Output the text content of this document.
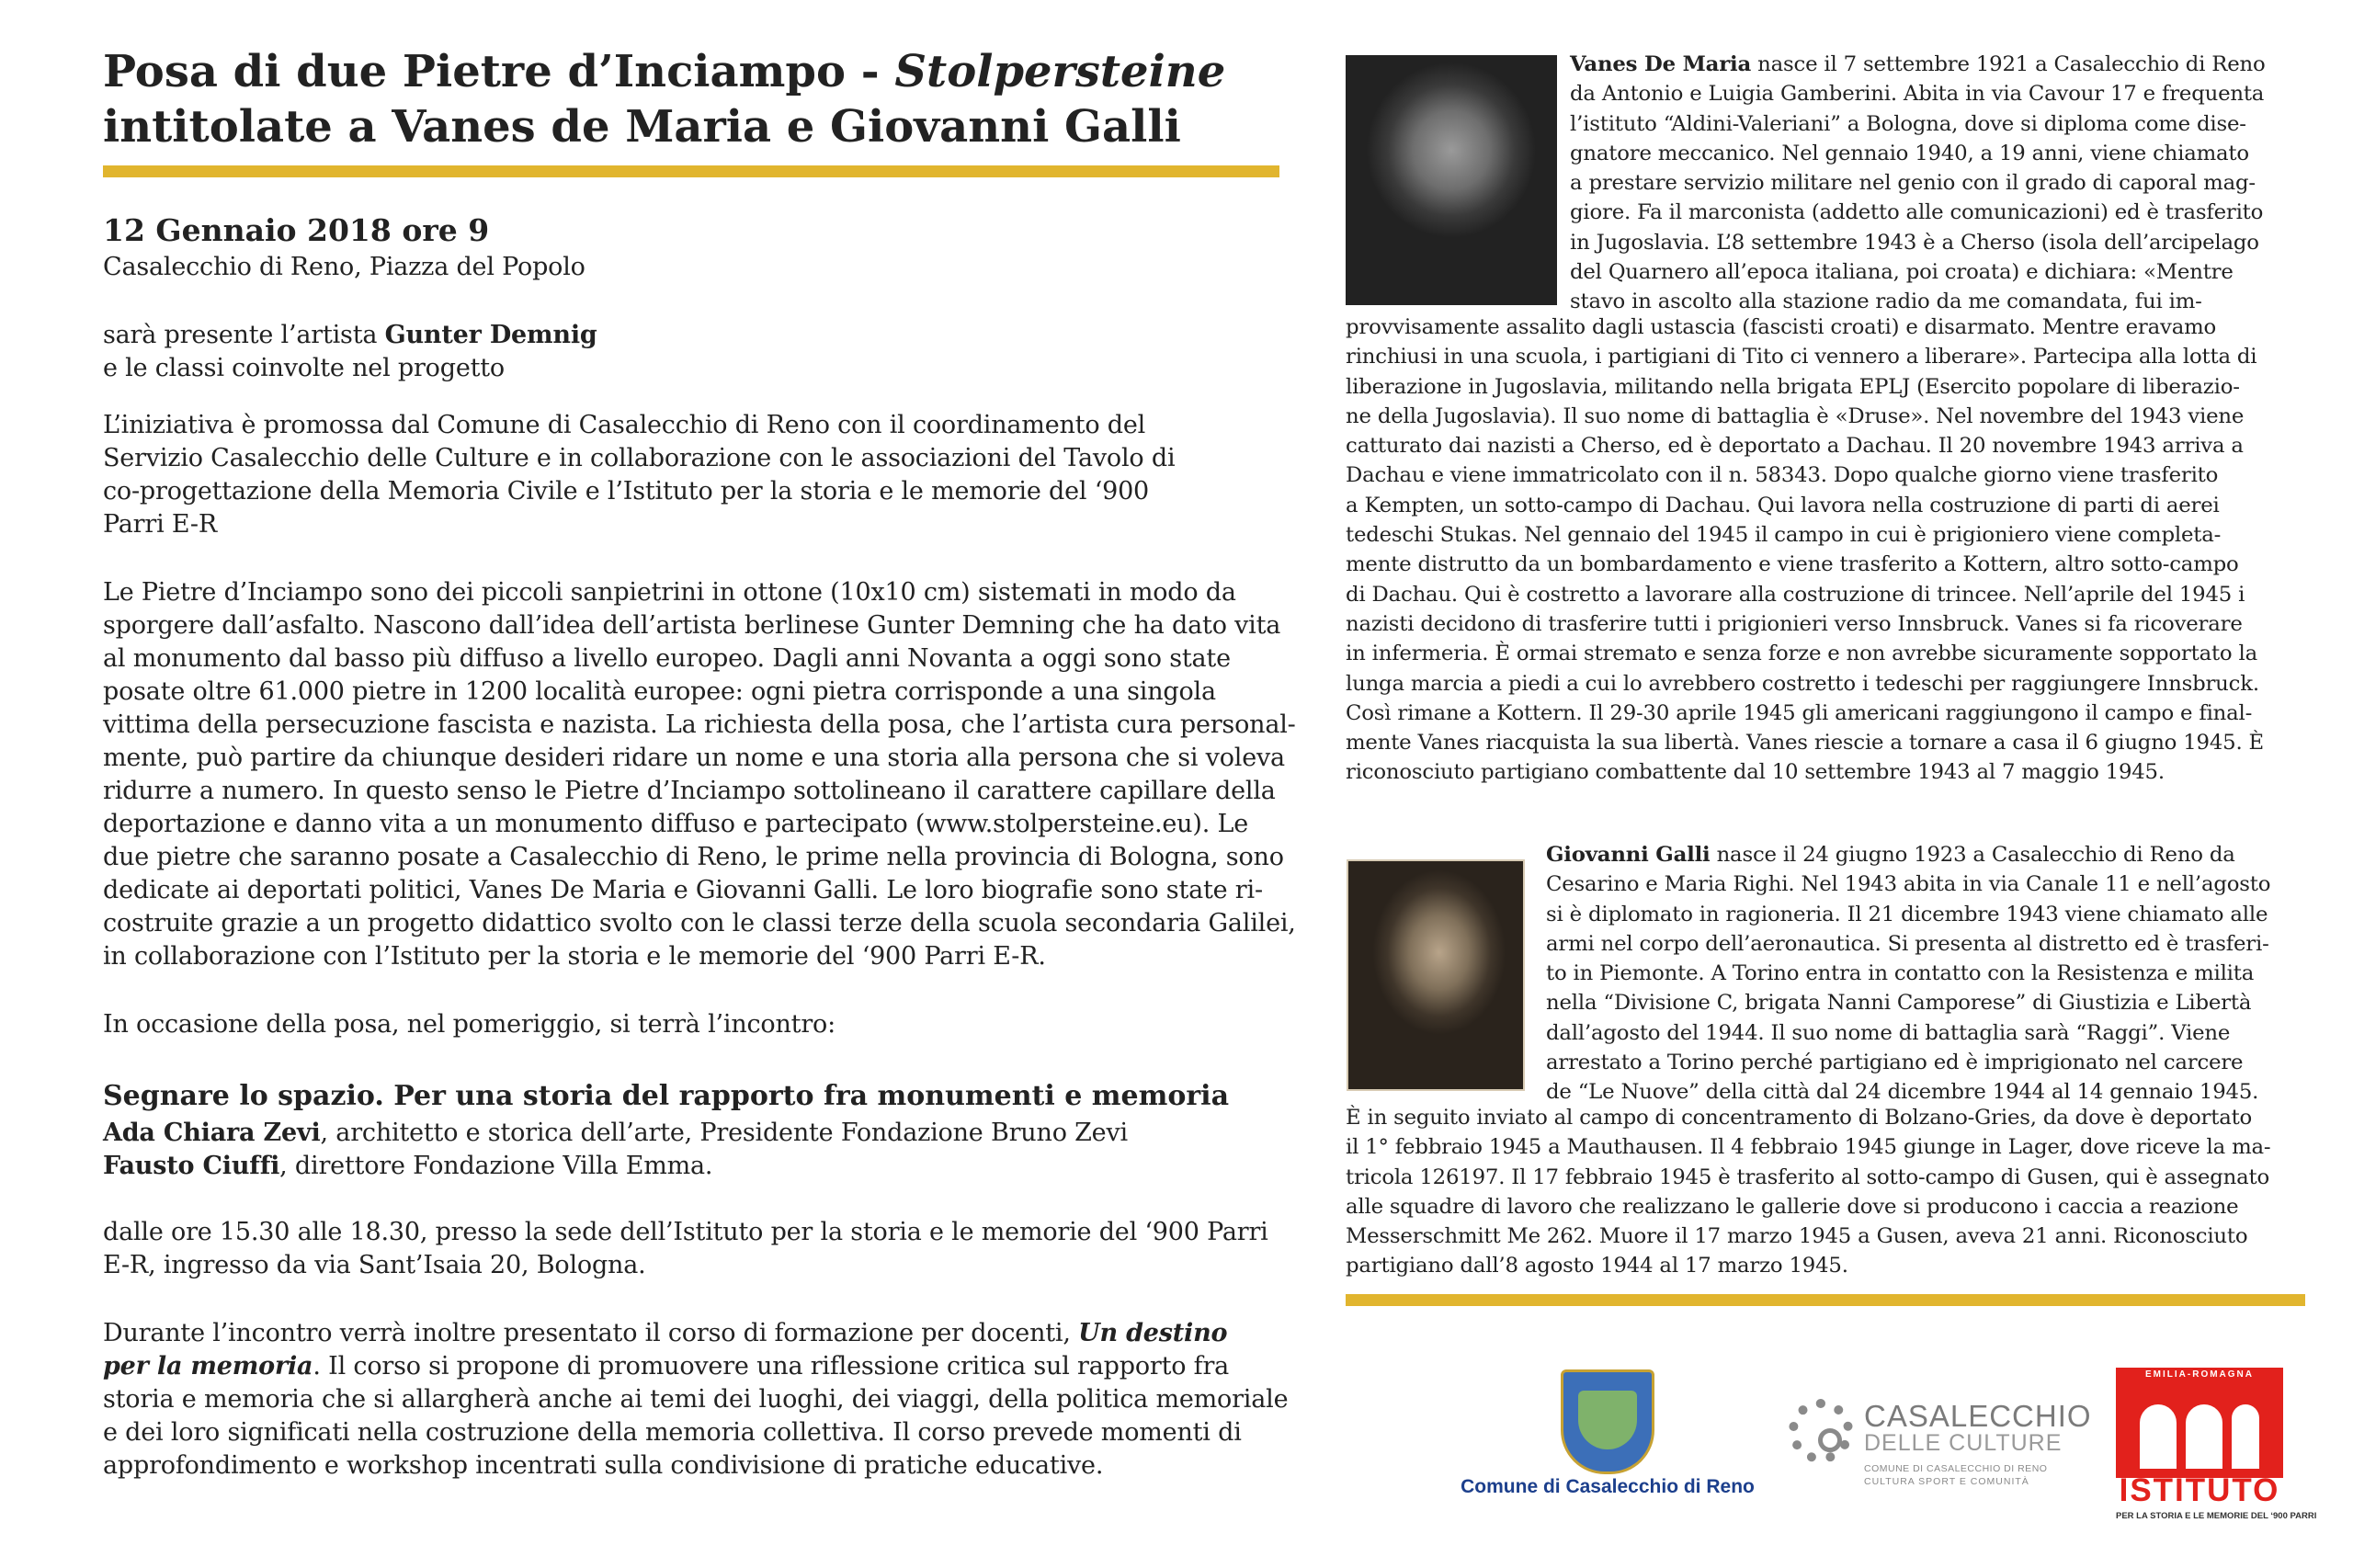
Posa di due Pietre d’Inciampo - Stolpersteine
intitolate a Vanes de Maria e Giovanni Galli
12 Gennaio 2018 ore 9

Casalecchio di Reno, Piazza del Popolo

sarà presente l’artista Gunter Demnig

e le classi coinvolte nel progetto

L’iniziativa è promossa dal Comune di Casalecchio di Reno con il coordinamento del
Servizio Casalecchio delle Culture e in collaborazione con le associazioni del Tavolo di
co-progettazione della Memoria Civile e l’Istituto per la storia e le memorie del ‘900
Parri E-R

Le Pietre d’Inciampo sono dei piccoli sanpietrini in ottone (10x10 cm) sistemati in modo da
sporgere dall’asfalto. Nascono dall’idea dell’artista berlinese Gunter Demning che ha dato vita
al monumento dal basso più diffuso a livello europeo. Dagli anni Novanta a oggi sono state
posate oltre 61.000 pietre in 1200 località europee: ogni pietra corrisponde a una singola
vittima della persecuzione fascista e nazista. La richiesta della posa, che l’artista cura personal-
mente, può partire da chiunque desideri ridare un nome e una storia alla persona che si voleva
ridurre a numero. In questo senso le Pietre d’Inciampo sottolineano il carattere capillare della
deportazione e danno vita a un monumento diffuso e partecipato (www.stolpersteine.eu). Le
due pietre che saranno posate a Casalecchio di Reno, le prime nella provincia di Bologna, sono
dedicate ai deportati politici, Vanes De Maria e Giovanni Galli. Le loro biografie sono state ri-
costruite grazie a un progetto didattico svolto con le classi terze della scuola secondaria Galilei,
in collaborazione con l’Istituto per la storia e le memorie del ‘900 Parri E-R.

In occasione della posa, nel pomeriggio, si terrà l’incontro:

Segnare lo spazio. Per una storia del rapporto fra monumenti e memoria

Ada Chiara Zevi, architetto e storica dell’arte, Presidente Fondazione Bruno Zevi
Fausto Ciuffi, direttore Fondazione Villa Emma.

dalle ore 15.30 alle 18.30, presso la sede dell’Istituto per la storia e le memorie del ‘900 Parri
E-R, ingresso da via Sant’Isaia 20, Bologna.

Durante l’incontro verrà inoltre presentato il corso di formazione per docenti, Un destino
per la memoria. Il corso si propone di promuovere una riflessione critica sul rapporto fra
storia e memoria che si allargherà anche ai temi dei luoghi, dei viaggi, della politica memoriale
e dei loro significati nella costruzione della memoria collettiva. Il corso prevede momenti di
approfondimento e workshop incentrati sulla condivisione di pratiche educative.

Vanes De Maria nasce il 7 settembre 1921 a Casalecchio di Reno
da Antonio e Luigia Gamberini. Abita in via Cavour 17 e frequenta
l’istituto “Aldini-Valeriani” a Bologna, dove si diploma come dise-
gnatore meccanico. Nel gennaio 1940, a 19 anni, viene chiamato
a prestare servizio militare nel genio con il grado di caporal mag-
giore. Fa il marconista (addetto alle comunicazioni) ed è trasferito
in Jugoslavia. L’8 settembre 1943 è a Cherso (isola dell’arcipelago
del Quarnero all’epoca italiana, poi croata) e dichiara: «Mentre
stavo in ascolto alla stazione radio da me comandata, fui im-
provvisamente assalito dagli ustascia (fascisti croati) e disarmato. Mentre eravamo
rinchiusi in una scuola, i partigiani di Tito ci vennero a liberare». Partecipa alla lotta di
liberazione in Jugoslavia, militando nella brigata EPLJ (Esercito popolare di liberazio-
ne della Jugoslavia). Il suo nome di battaglia è «Druse». Nel novembre del 1943 viene
catturato dai nazisti a Cherso, ed è deportato a Dachau. Il 20 novembre 1943 arriva a
Dachau e viene immatricolato con il n. 58343. Dopo qualche giorno viene trasferito
a Kempten, un sotto-campo di Dachau. Qui lavora nella costruzione di parti di aerei
tedeschi Stukas. Nel gennaio del 1945 il campo in cui è prigioniero viene completa-
mente distrutto da un bombardamento e viene trasferito a Kottern, altro sotto-campo
di Dachau. Qui è costretto a lavorare alla costruzione di trincee. Nell’aprile del 1945 i
nazisti decidono di trasferire tutti i prigionieri verso Innsbruck. Vanes si fa ricoverare
in infermeria. È ormai stremato e senza forze e non avrebbe sicuramente sopportato la
lunga marcia a piedi a cui lo avrebbero costretto i tedeschi per raggiungere Innsbruck.
Così rimane a Kottern. Il 29-30 aprile 1945 gli americani raggiungono il campo e final-
mente Vanes riacquista la sua libertà. Vanes riescie a tornare a casa il 6 giugno 1945. È
riconosciuto partigiano combattente dal 10 settembre 1943 al 7 maggio 1945.
Giovanni Galli nasce il 24 giugno 1923 a Casalecchio di Reno da
Cesarino e Maria Righi. Nel 1943 abita in via Canale 11 e nell’agosto
si è diplomato in ragioneria. Il 21 dicembre 1943 viene chiamato alle
armi nel corpo dell’aeronautica. Si presenta al distretto ed è trasferi-
to in Piemonte. A Torino entra in contatto con la Resistenza e milita
nella “Divisione C, brigata Nanni Camporese” di Giustizia e Libertà
dall’agosto del 1944. Il suo nome di battaglia sarà “Raggi”. Viene
arrestato a Torino perché partigiano ed è imprigionato nel carcere
de “Le Nuove” della città dal 24 dicembre 1944 al 14 gennaio 1945.
È in seguito inviato al campo di concentramento di Bolzano-Gries, da dove è deportato
il 1° febbraio 1945 a Mauthausen. Il 4 febbraio 1945 giunge in Lager, dove riceve la ma-
tricola 126197. Il 17 febbraio 1945 è trasferito al sotto-campo di Gusen, qui è assegnato
alle squadre di lavoro che realizzano le gallerie dove si producono i caccia a reazione
Messerschmitt Me 262. Muore il 17 marzo 1945 a Gusen, aveva 21 anni. Riconosciuto
partigiano dall’8 agosto 1944 al 17 marzo 1945.
Comune di Casalecchio di Reno
CASALECCHIO
DELLE CULTURE
COMUNE DI CASALECCHIO DI RENO
CULTURA SPORT E COMUNITÀ
EMILIA-ROMAGNA
ISTITUTO
PER LA STORIA E LE MEMORIE DEL ‘900 PARRI
